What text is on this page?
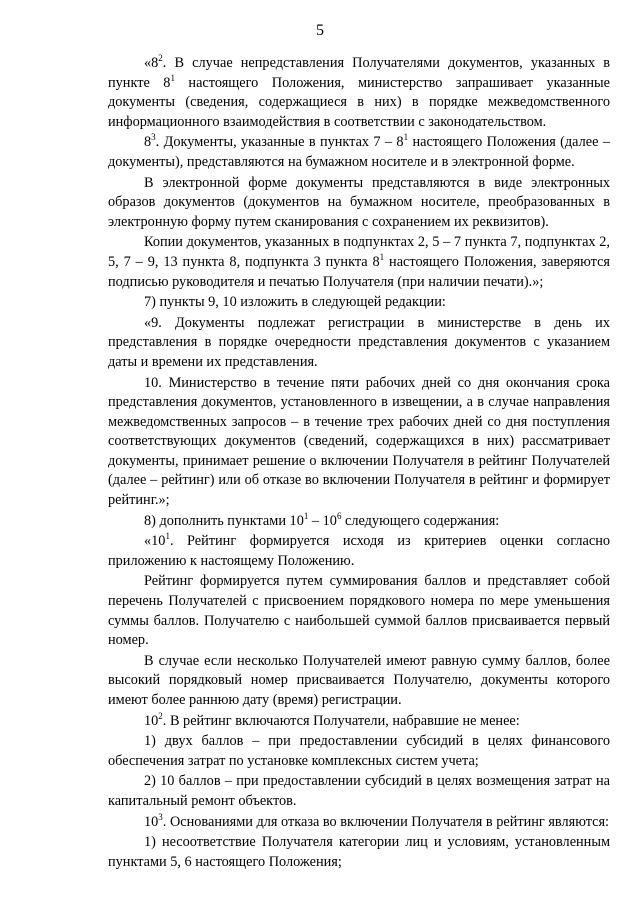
5

«$8^2$. В случае непредставления Получателями документов, указанных в пункте $8^1$ настоящего Положения, министерство запрашивает указанные документы (сведения, содержащиеся в них) в порядке межведомственного информационного взаимодействия в соответствии с законодательством.

$8^3$. Документы, указанные в пунктах $7 - 8^1$ настоящего Положения (далее – документы), представляются на бумажном носителе и в электронной форме.

В электронной форме документы представляются в виде электронных образов документов (документов на бумажном носителе, преобразованных в электронную форму путем сканирования с сохранением их реквизитов).

Копии документов, указанных в подпунктах 2, 5 – 7 пункта 7, подпунктах 2, 5, 7 – 9, 13 пункта 8, подпункта 3 пункта $8^1$ настоящего Положения, заверяются подписью руководителя и печатью Получателя (при наличии печати).»;

7) пункты 9, 10 изложить в следующей редакции:

«9. Документы подлежат регистрации в министерстве в день их представления в порядке очередности представления документов с указанием даты и времени их представления.

10. Министерство в течение пяти рабочих дней со дня окончания срока представления документов, установленного в извещении, а в случае направления межведомственных запросов – в течение трех рабочих дней со дня поступления соответствующих документов (сведений, содержащихся в них) рассматривает документы, принимает решение о включении Получателя в рейтинг Получателей (далее – рейтинг) или об отказе во включении Получателя в рейтинг и формирует рейтинг.»;

8) дополнить пунктами $10^1 - 10^6$ следующего содержания:

«$10^1$. Рейтинг формируется исходя из критериев оценки согласно приложению к настоящему Положению.

Рейтинг формируется путем суммирования баллов и представляет собой перечень Получателей с присвоением порядкового номера по мере уменьшения суммы баллов. Получателю с наибольшей суммой баллов присваивается первый номер.

В случае если несколько Получателей имеют равную сумму баллов, более высокий порядковый номер присваивается Получателю, документы которого имеют более раннюю дату (время) регистрации.

$10^2$. В рейтинг включаются Получатели, набравшие не менее:

1) двух баллов – при предоставлении субсидий в целях финансового обеспечения затрат по установке комплексных систем учета;

2) 10 баллов – при предоставлении субсидий в целях возмещения затрат на капитальный ремонт объектов.

$10^3$. Основаниями для отказа во включении Получателя в рейтинг являются:

1) несоответствие Получателя категории лиц и условиям, установленным пунктами 5, 6 настоящего Положения;
